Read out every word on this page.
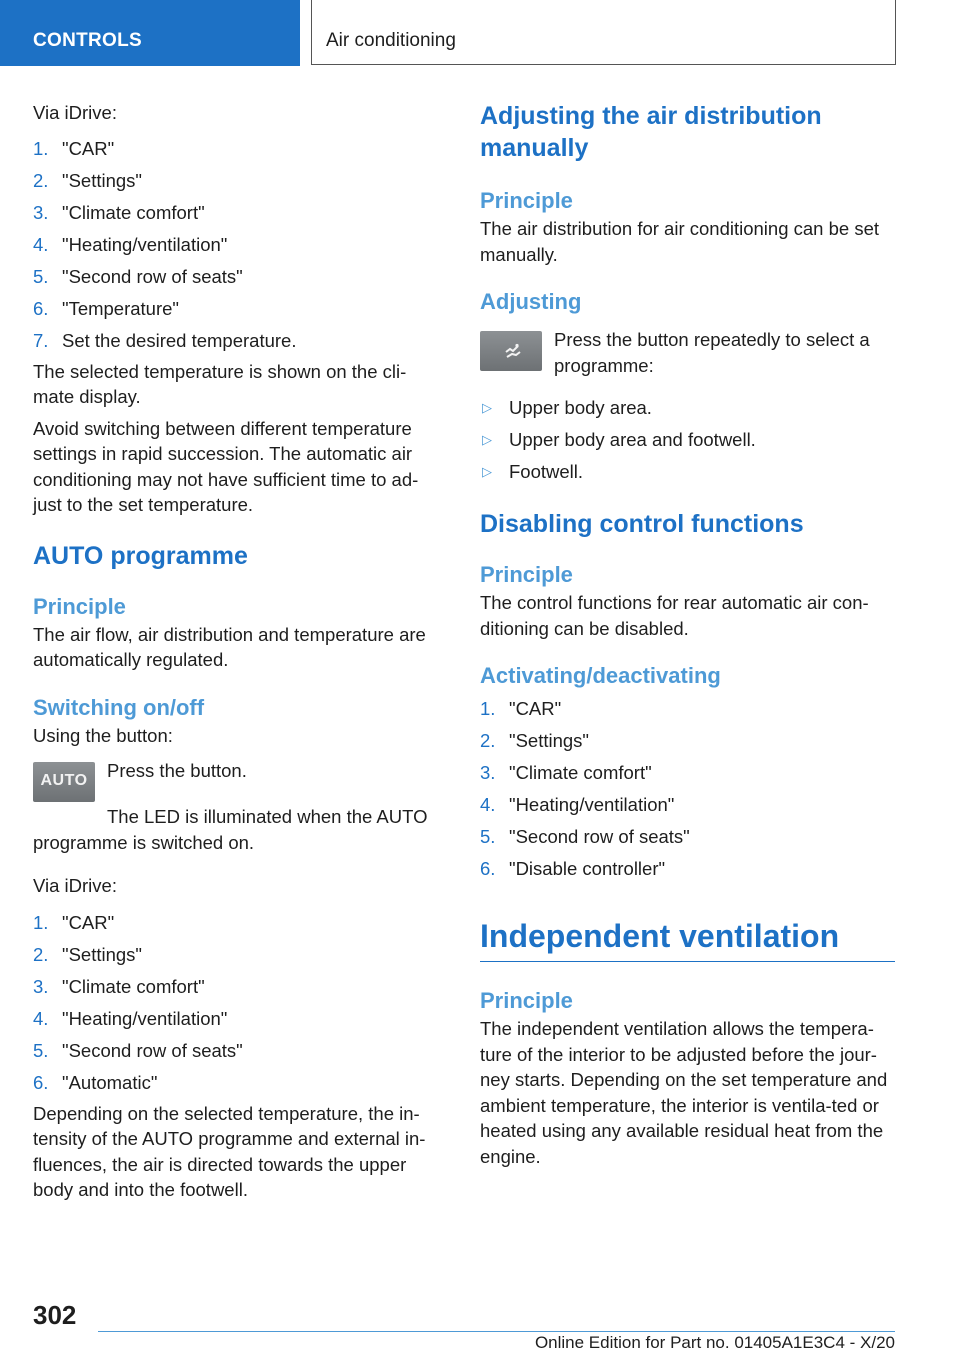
CONTROLS	Air conditioning

Via iDrive:

1. "CAR"
2. "Settings"
3. "Climate comfort"
4. "Heating/ventilation"
5. "Second row of seats"
6. "Temperature"
7. Set the desired temperature.

The selected temperature is shown on the cli-mate display.

Avoid switching between different temperature settings in rapid succession. The automatic air conditioning may not have sufficient time to ad-just to the set temperature.

AUTO programme
Principle

The air flow, air distribution and temperature are automatically regulated.

Switching on/off

Using the button:

AUTO	Press the button.

The LED is illuminated when the AUTO programme is switched on.

Via iDrive:

1. "CAR"
2. "Settings"
3. "Climate comfort"
4. "Heating/ventilation"
5. "Second row of seats"
6. "Automatic"

Depending on the selected temperature, the in-tensity of the AUTO programme and external in-fluences, the air is directed towards the upper body and into the footwell.

Adjusting the air distribution manually
Principle

The air distribution for air conditioning can be set manually.

Adjusting

Press the button repeatedly to select a programme:

▷ Upper body area.
▷ Upper body area and footwell.
▷ Footwell.
Disabling control functions
Principle

The control functions for rear automatic air con-ditioning can be disabled.

Activating/deactivating
1. "CAR"
2. "Settings"
3. "Climate comfort"
4. "Heating/ventilation"
5. "Second row of seats"
6. "Disable controller"
Independent ventilation
Principle

The independent ventilation allows the tempera-ture of the interior to be adjusted before the jour-ney starts. Depending on the set temperature and ambient temperature, the interior is ventila-ted or heated using any available residual heat from the engine.

302
Online Edition for Part no. 01405A1E3C4 - X/20
